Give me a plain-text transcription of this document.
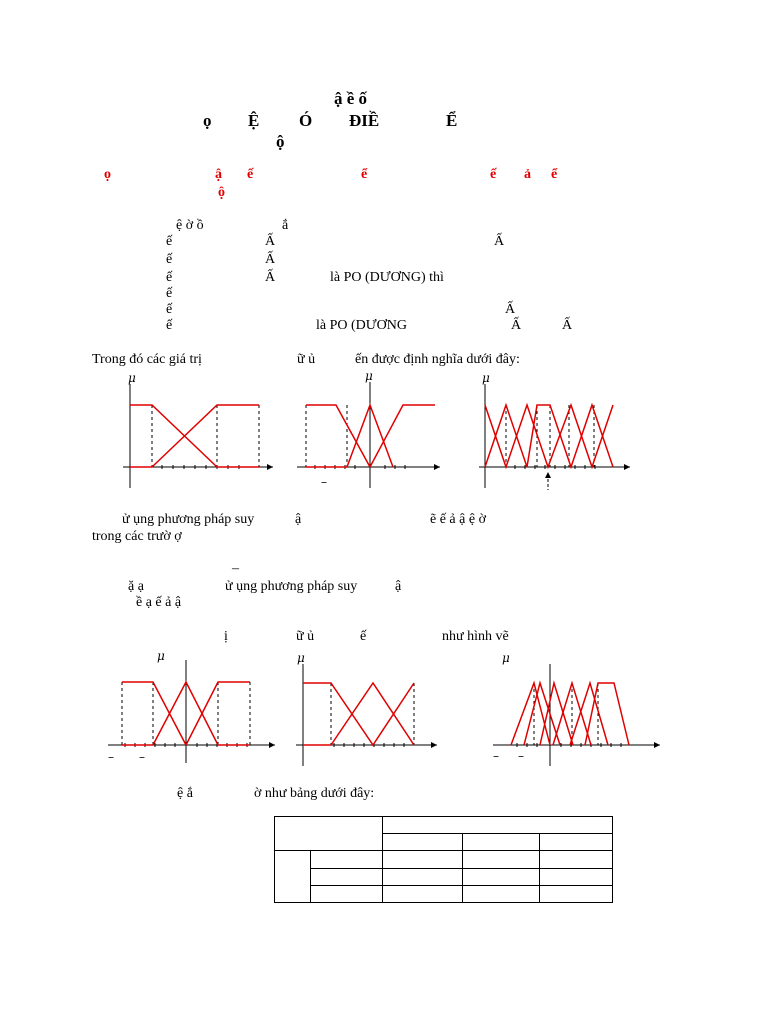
ậ ề ố
ọ Ệ Ó ĐIỀ	Ể
ộ
ọ	ậ ế	ể	ế ả ể
ộ
ệ ờ ồ	ắ
ế	Ấ	Ấ
ế	Ấ
ế	Ấ	là PO (DƯƠNG) thì
ế
ế	Ấ
ế	là PO (DƯƠNG	Ấ	Ấ
Trong đó các giá trị	ữ ủ	ến được định nghĩa dưới đây:
μ	μ
–
μ
ử ụng phương pháp suy	ậ	ẽ ế ả ậ ệ ờ
trong các trườ ợ
–
ặ ạ	ử ụng phương pháp suy	ậ
ề ạ ế ả ậ
ị	ữ ủ	ế	như hình vẽ
μ
– –
μ	μ
– –
ệ ắ	ờ như bảng dưới đây:
